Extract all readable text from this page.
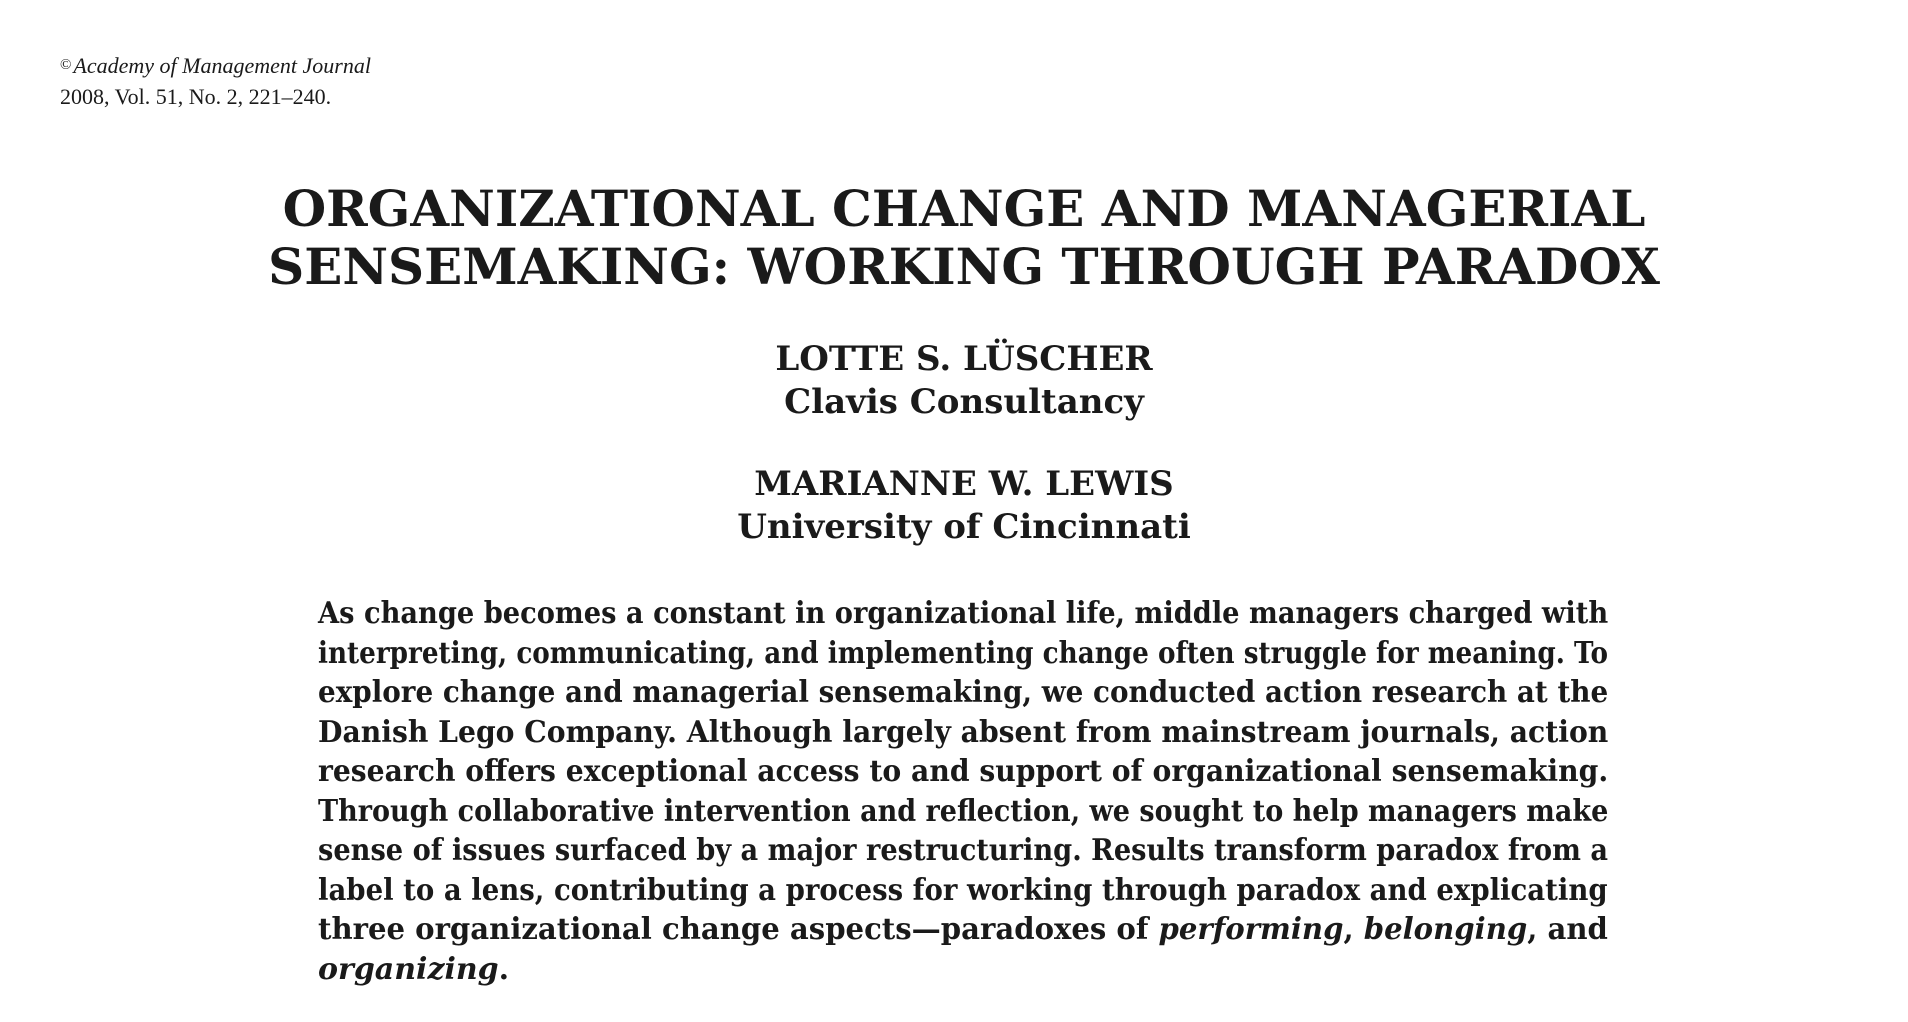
©Academy of Management Journal
2008, Vol. 51, No. 2, 221–240.
ORGANIZATIONAL CHANGE AND MANAGERIAL
SENSEMAKING: WORKING THROUGH PARADOX
LOTTE S. LÜSCHER
Clavis Consultancy
MARIANNE W. LEWIS
University of Cincinnati
As change becomes a constant in organizational life, middle managers charged with
interpreting, communicating, and implementing change often struggle for meaning. To
explore change and managerial sensemaking, we conducted action research at the
Danish Lego Company. Although largely absent from mainstream journals, action
research offers exceptional access to and support of organizational sensemaking.
Through collaborative intervention and reflection, we sought to help managers make
sense of issues surfaced by a major restructuring. Results transform paradox from a
label to a lens, contributing a process for working through paradox and explicating
three organizational change aspects—paradoxes of performing, belonging, and
organizing.
